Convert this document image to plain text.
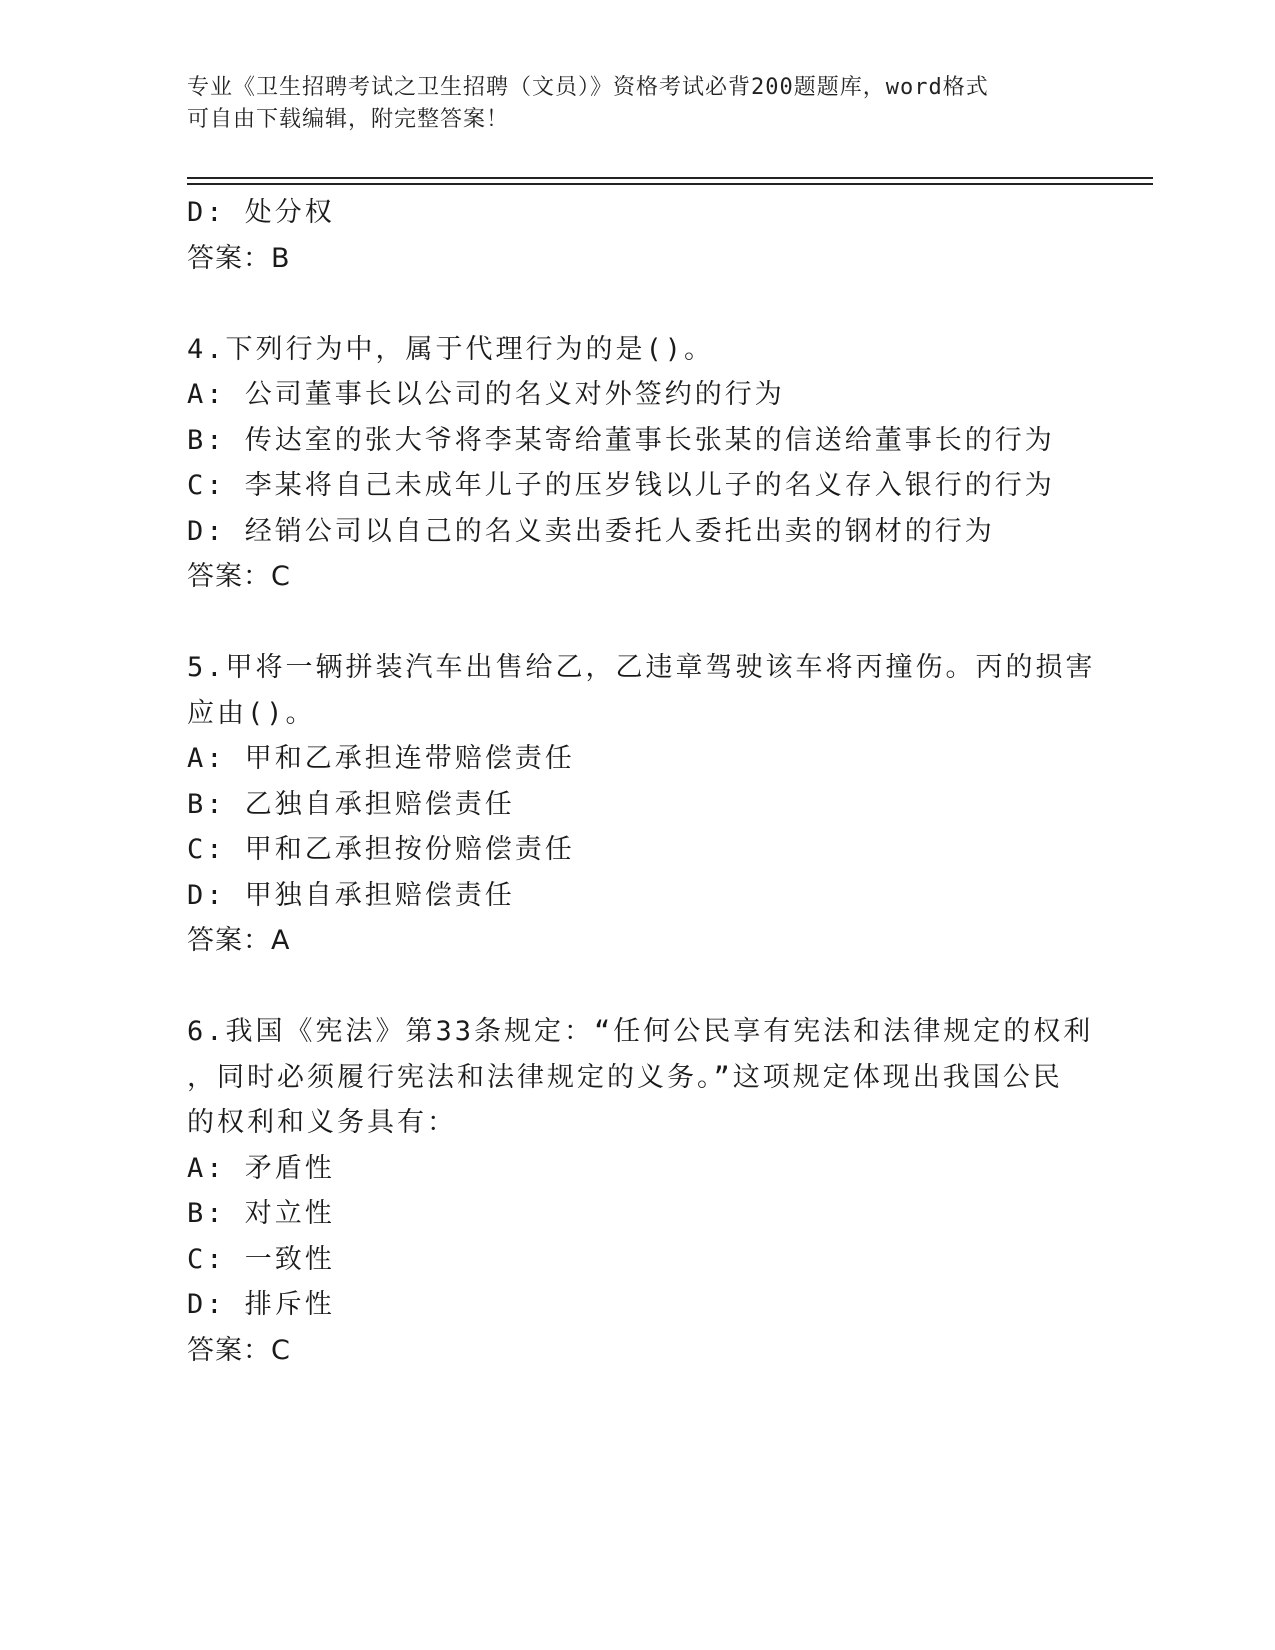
专业《卫生招聘考试之卫生招聘（文员）》资格考试必背200题题库，word格式
可自由下载编辑，附完整答案！
D: 处分权
答案：B
4.下列行为中，属于代理行为的是()。
A: 公司董事长以公司的名义对外签约的行为
B: 传达室的张大爷将李某寄给董事长张某的信送给董事长的行为
C: 李某将自己未成年儿子的压岁钱以儿子的名义存入银行的行为
D: 经销公司以自己的名义卖出委托人委托出卖的钢材的行为
答案：C
5.甲将一辆拼装汽车出售给乙，乙违章驾驶该车将丙撞伤。丙的损害
应由()。
A: 甲和乙承担连带赔偿责任
B: 乙独自承担赔偿责任
C: 甲和乙承担按份赔偿责任
D: 甲独自承担赔偿责任
答案：A
6.我国《宪法》第33条规定：“任何公民享有宪法和法律规定的权利
，同时必须履行宪法和法律规定的义务。”这项规定体现出我国公民
的权利和义务具有：
A: 矛盾性
B: 对立性
C: 一致性
D: 排斥性
答案：C
